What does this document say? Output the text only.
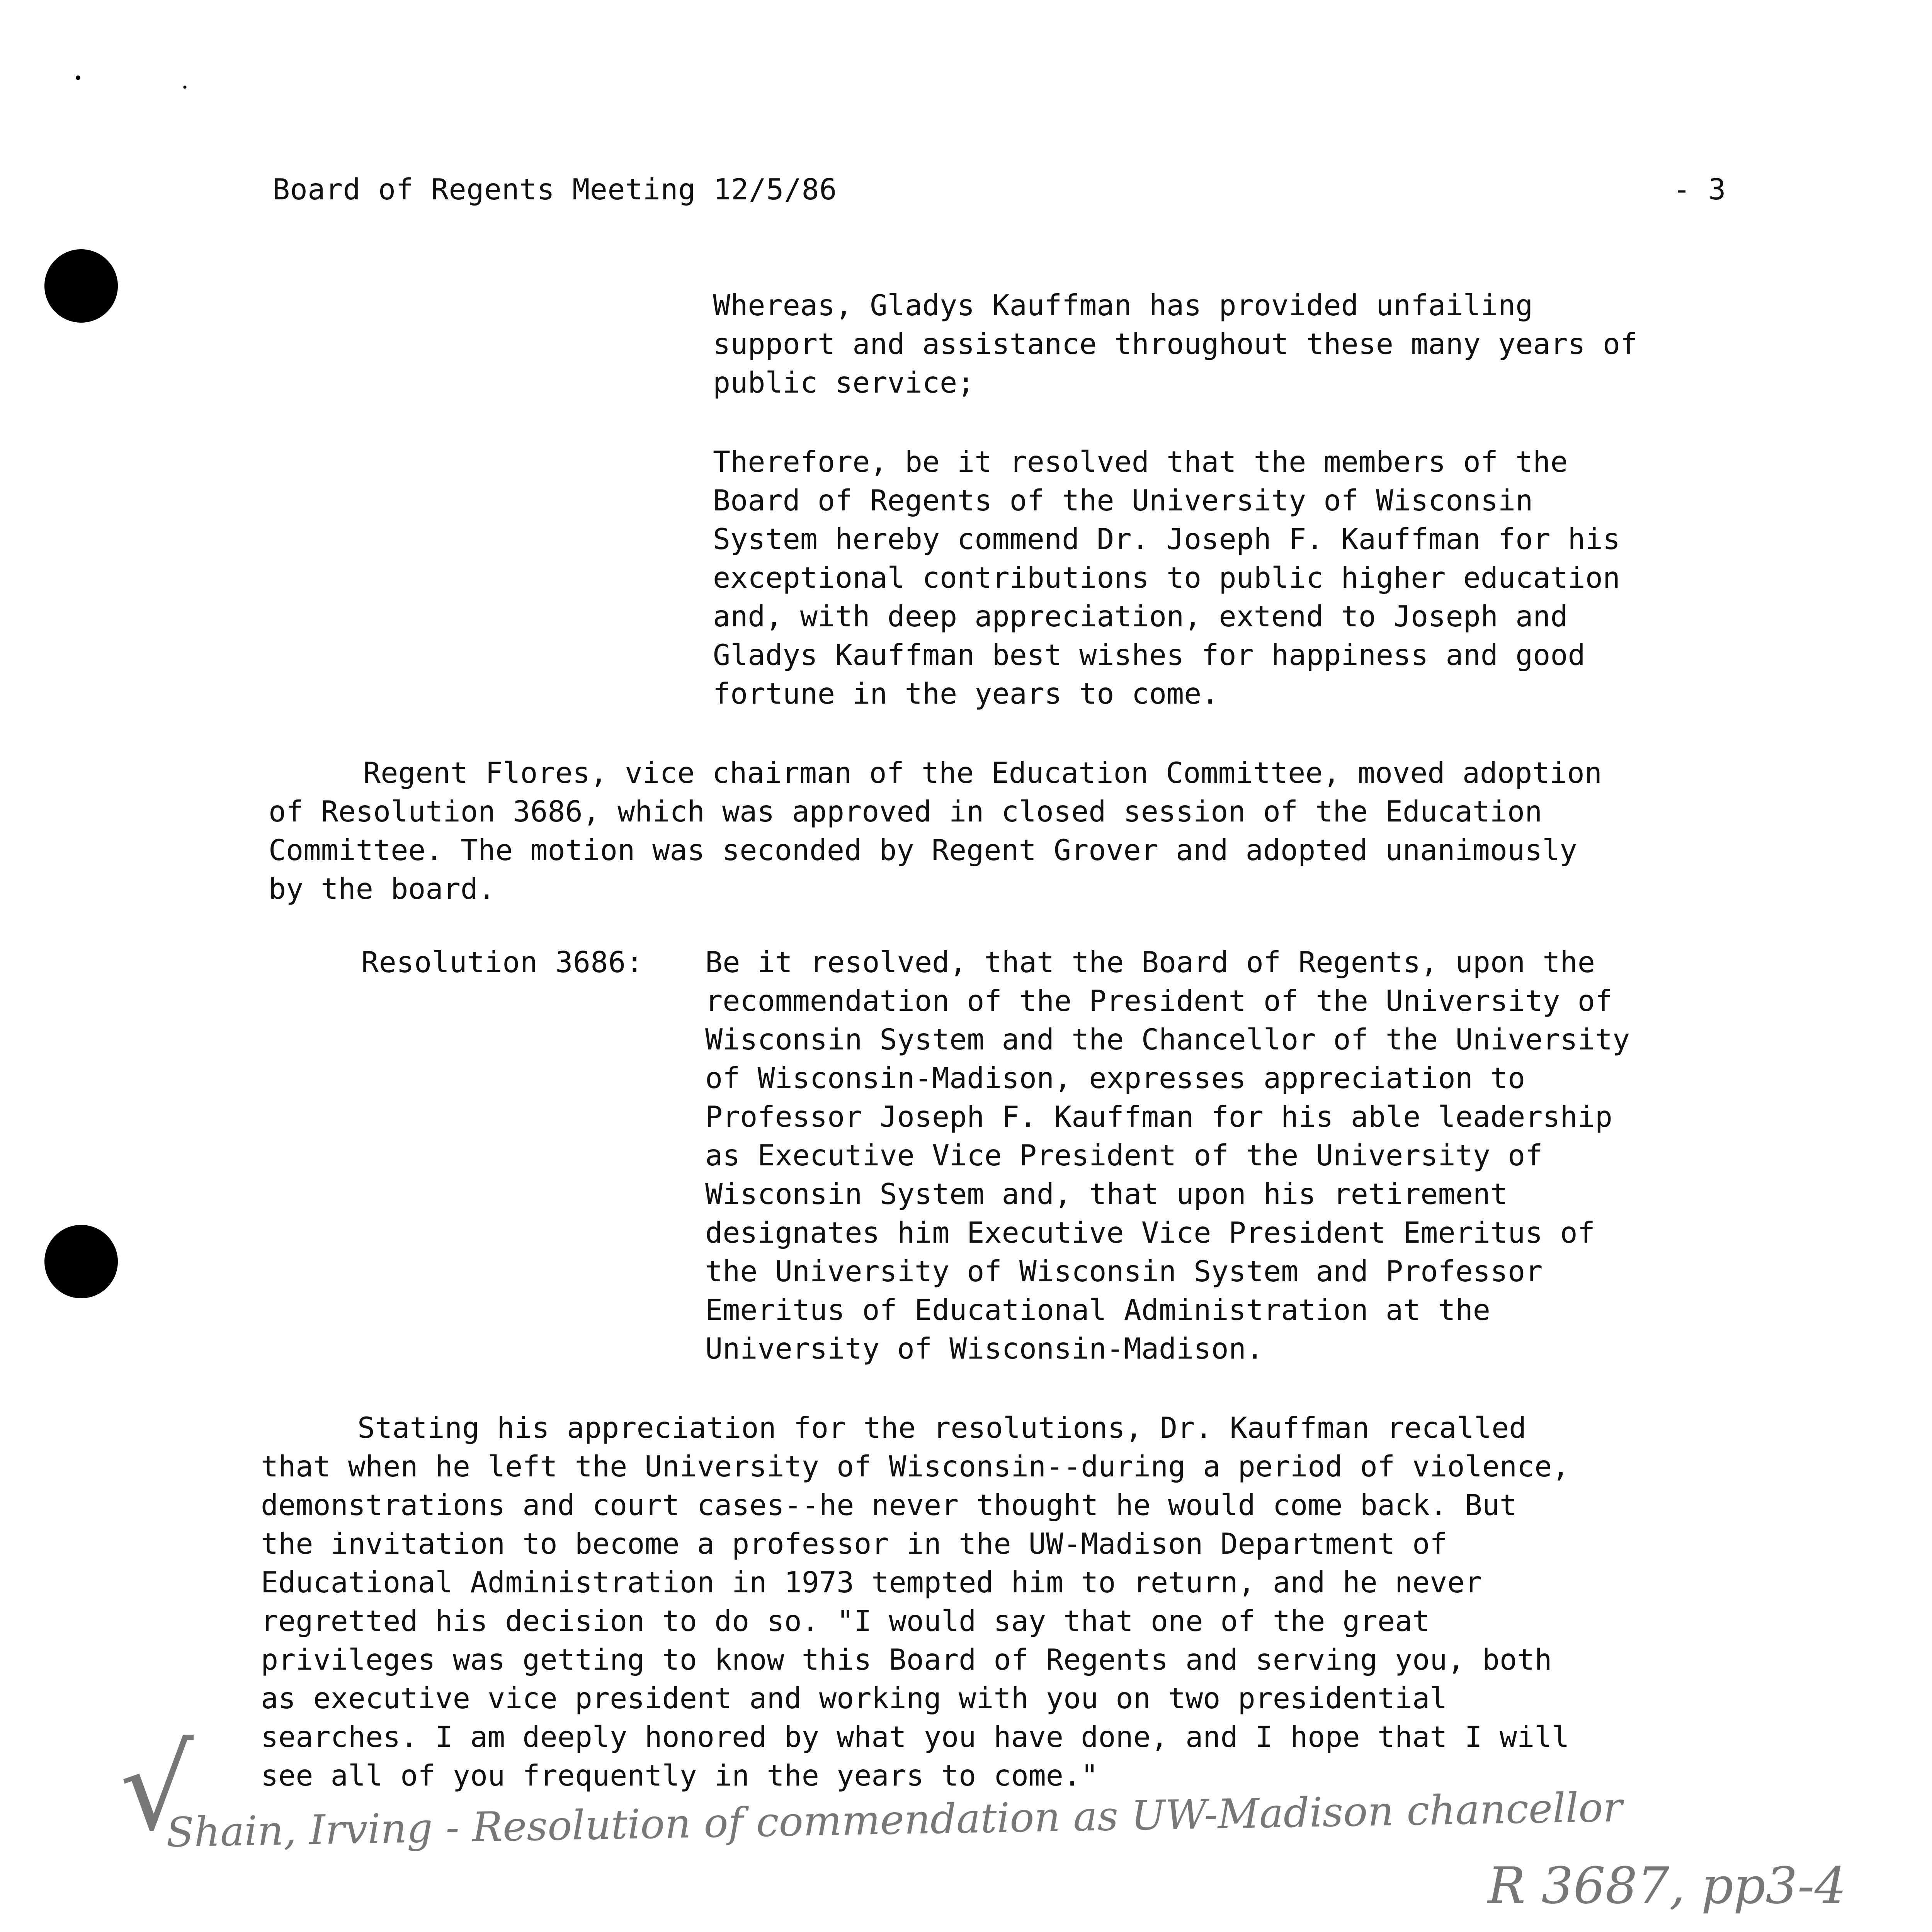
•
•
Board of Regents Meeting 12/5/86	- 3
Whereas, Gladys Kauffman has provided unfailing
support and assistance throughout these many years of
public service;
Therefore, be it resolved that the members of the
Board of Regents of the University of Wisconsin
System hereby commend Dr. Joseph F. Kauffman for his
exceptional contributions to public higher education
and, with deep appreciation, extend to Joseph and
Gladys Kauffman best wishes for happiness and good
fortune in the years to come.
Regent Flores, vice chairman of the Education Committee, moved adoption
of Resolution 3686, which was approved in closed session of the Education
Committee. The motion was seconded by Regent Grover and adopted unanimously
by the board.
Resolution 3686: Be it resolved, that the Board of Regents, upon the
recommendation of the President of the University of
Wisconsin System and the Chancellor of the University
of Wisconsin-Madison, expresses appreciation to
Professor Joseph F. Kauffman for his able leadership
as Executive Vice President of the University of
Wisconsin System and, that upon his retirement
designates him Executive Vice President Emeritus of
the University of Wisconsin System and Professor
Emeritus of Educational Administration at the
University of Wisconsin-Madison.
Stating his appreciation for the resolutions, Dr. Kauffman recalled
that when he left the University of Wisconsin--during a period of violence,
demonstrations and court cases--he never thought he would come back. But
the invitation to become a professor in the UW-Madison Department of
Educational Administration in 1973 tempted him to return, and he never
regretted his decision to do so. "I would say that one of the great
privileges was getting to know this Board of Regents and serving you, both
as executive vice president and working with you on two presidential
searches. I am deeply honored by what you have done, and I hope that I will
see all of you frequently in the years to come."
√
Shain, Irving - Resolution of commendation as UW-Madison chancellor
R 3687, pp3-4
